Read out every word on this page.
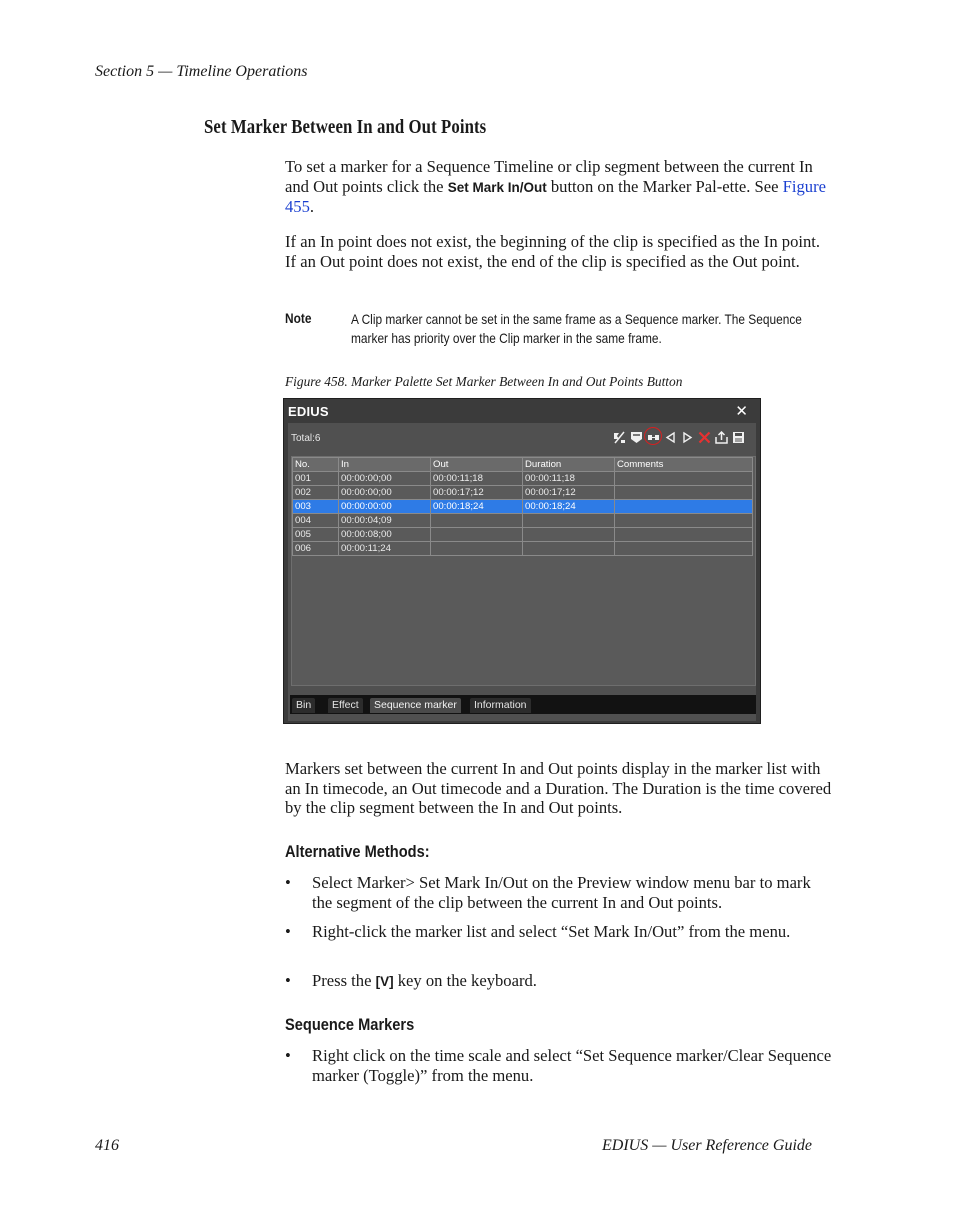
Section 5 — Timeline Operations
Set Marker Between In and Out Points
To set a marker for a Sequence Timeline or clip segment between the current In and Out points click the Set Mark In/Out button on the Marker Pal-ette. See Figure 455.
If an In point does not exist, the beginning of the clip is specified as the In point. If an Out point does not exist, the end of the clip is specified as the Out point.
Note	A Clip marker cannot be set in the same frame as a Sequence marker. The Sequence marker has priority over the Clip marker in the same frame.
Figure 458. Marker Palette Set Marker Between In and Out Points Button
EDIUS	✕
Total:6
No.	In	Out	Duration	Comments
001	00:00:00;00	00:00:11;18	00:00:11;18	
002	00:00:00;00	00:00:17;12	00:00:17;12	
003	00:00:00:00	00:00:18;24	00:00:18;24	
004	00:00:04;09			
005	00:00:08;00			
006	00:00:11;24			
Bin	Effect	Sequence marker	Information
Markers set between the current In and Out points display in the marker list with an In timecode, an Out timecode and a Duration. The Duration is the time covered by the clip segment between the In and Out points.
Alternative Methods:
• Select Marker> Set Mark In/Out on the Preview window menu bar to mark the segment of the clip between the current In and Out points.
• Right-click the marker list and select “Set Mark In/Out” from the menu.
• Press the [V] key on the keyboard.
Sequence Markers
• Right click on the time scale and select “Set Sequence marker/Clear Sequence marker (Toggle)” from the menu.
416	EDIUS — User Reference Guide
